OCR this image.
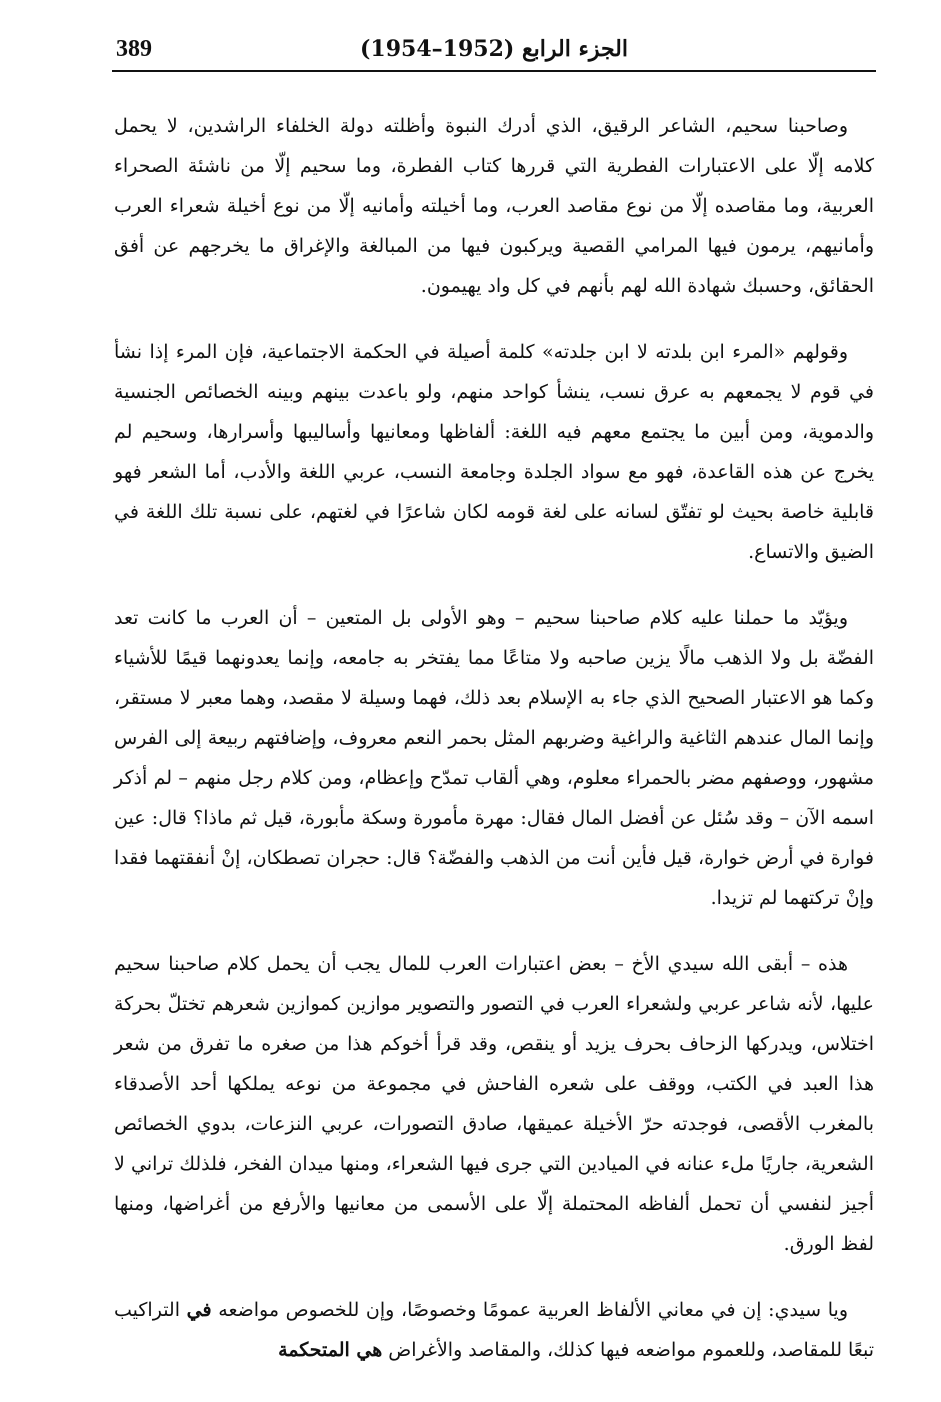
389	الجزء الرابع (1952–1954)

وصاحبنا سحيم، الشاعر الرقيق، الذي أدرك النبوة وأظلته دولة الخلفاء الراشدين، لا يحمل كلامه إلّا على الاعتبارات الفطرية التي قررها كتاب الفطرة، وما سحيم إلّا من ناشئة الصحراء العربية، وما مقاصده إلّا من نوع مقاصد العرب، وما أخيلته وأمانيه إلّا من نوع أخيلة شعراء العرب وأمانيهم، يرمون فيها المرامي القصية ويركبون فيها من المبالغة والإغراق ما يخرجهم عن أفق الحقائق، وحسبك شهادة الله لهم بأنهم في كل واد يهيمون.

وقولهم «المرء ابن بلدته لا ابن جلدته» كلمة أصيلة في الحكمة الاجتماعية، فإن المرء إذا نشأ في قوم لا يجمعهم به عرق نسب، ينشأ كواحد منهم، ولو باعدت بينهم وبينه الخصائص الجنسية والدموية، ومن أبين ما يجتمع معهم فيه اللغة: ألفاظها ومعانيها وأساليبها وأسرارها، وسحيم لم يخرج عن هذه القاعدة، فهو مع سواد الجلدة وجامعة النسب، عربي اللغة والأدب، أما الشعر فهو قابلية خاصة بحيث لو تفتّق لسانه على لغة قومه لكان شاعرًا في لغتهم، على نسبة تلك اللغة في الضيق والاتساع.

ويؤيّد ما حملنا عليه كلام صاحبنا سحيم – وهو الأولى بل المتعين – أن العرب ما كانت تعد الفضّة بل ولا الذهب مالًا يزين صاحبه ولا متاعًا مما يفتخر به جامعه، وإنما يعدونهما قيمًا للأشياء وكما هو الاعتبار الصحيح الذي جاء به الإسلام بعد ذلك، فهما وسيلة لا مقصد، وهما معبر لا مستقر، وإنما المال عندهم الثاغية والراغية وضربهم المثل بحمر النعم معروف، وإضافتهم ربيعة إلى الفرس مشهور، ووصفهم مضر بالحمراء معلوم، وهي ألقاب تمدّح وإعظام، ومن كلام رجل منهم – لم أذكر اسمه الآن – وقد سُئل عن أفضل المال فقال: مهرة مأمورة وسكة مأبورة، قيل ثم ماذا؟ قال: عين فوارة في أرض خوارة، قيل فأين أنت من الذهب والفضّة؟ قال: حجران تصطكان، إنْ أنفقتهما فقدا وإنْ تركتهما لم تزيدا.

هذه – أبقى الله سيدي الأخ – بعض اعتبارات العرب للمال يجب أن يحمل كلام صاحبنا سحيم عليها، لأنه شاعر عربي ولشعراء العرب في التصور والتصوير موازين كموازين شعرهم تختلّ بحركة اختلاس، ويدركها الزحاف بحرف يزيد أو ينقص، وقد قرأ أخوكم هذا من صغره ما تفرق من شعر هذا العبد في الكتب، ووقف على شعره الفاحش في مجموعة من نوعه يملكها أحد الأصدقاء بالمغرب الأقصى، فوجدته حرّ الأخيلة عميقها، صادق التصورات، عربي النزعات، بدوي الخصائص الشعرية، جاريًا ملء عنانه في الميادين التي جرى فيها الشعراء، ومنها ميدان الفخر، فلذلك تراني لا أجيز لنفسي أن تحمل ألفاظه المحتملة إلّا على الأسمى من معانيها والأرفع من أغراضها، ومنها لفظ الورق.

ويا سيدي: إن في معاني الألفاظ العربية عمومًا وخصوصًا، وإن للخصوص مواضعه في التراكيب تبعًا للمقاصد، وللعموم مواضعه فيها كذلك، والمقاصد والأغراض هي المتحكمة
